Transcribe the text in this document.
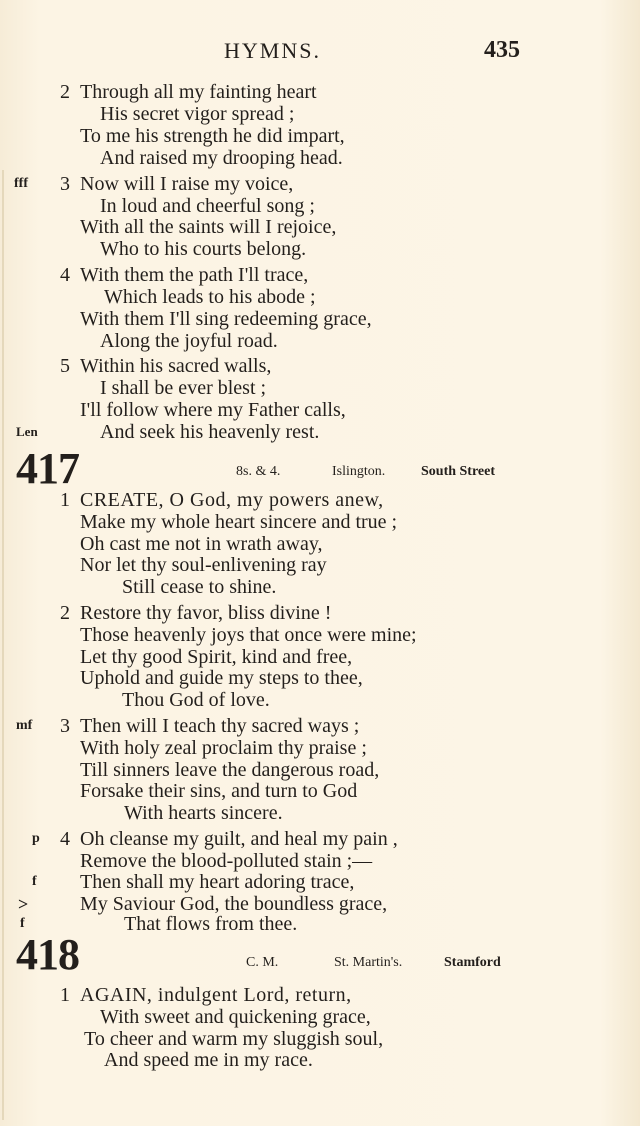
HYMNS.	435
2 Through all my fainting heart
His secret vigor spread ;
To me his strength he did impart,
And raised my drooping head.
fff	3 Now will I raise my voice,
In loud and cheerful song ;
With all the saints will I rejoice,
Who to his courts belong.
4 With them the path I'll trace,
Which leads to his abode ;
With them I'll sing redeeming grace,
Along the joyful road.
5 Within his sacred walls,
I shall be ever blest ;
I'll follow where my Father calls,
Len	And seek his heavenly rest.
417	8s. & 4.	Islington.	South Street
1 CREATE, O God, my powers anew,
Make my whole heart sincere and true ;
Oh cast me not in wrath away,
Nor let thy soul-enlivening ray
Still cease to shine.
2 Restore thy favor, bliss divine !
Those heavenly joys that once were mine;
Let thy good Spirit, kind and free,
Uphold and guide my steps to thee,
Thou God of love.
mf	3 Then will I teach thy sacred ways ;
With holy zeal proclaim thy praise ;
Till sinners leave the dangerous road,
Forsake their sins, and turn to God
With hearts sincere.
p	4 Oh cleanse my guilt, and heal my pain ,
Remove the blood-polluted stain ;—
f Then shall my heart adoring trace,
>	My Saviour God, the boundless grace,
f	That flows from thee.
418	C. M.	St. Martin's.	Stamford
1 AGAIN, indulgent Lord, return,
With sweet and quickening grace,
To cheer and warm my sluggish soul,
And speed me in my race.
